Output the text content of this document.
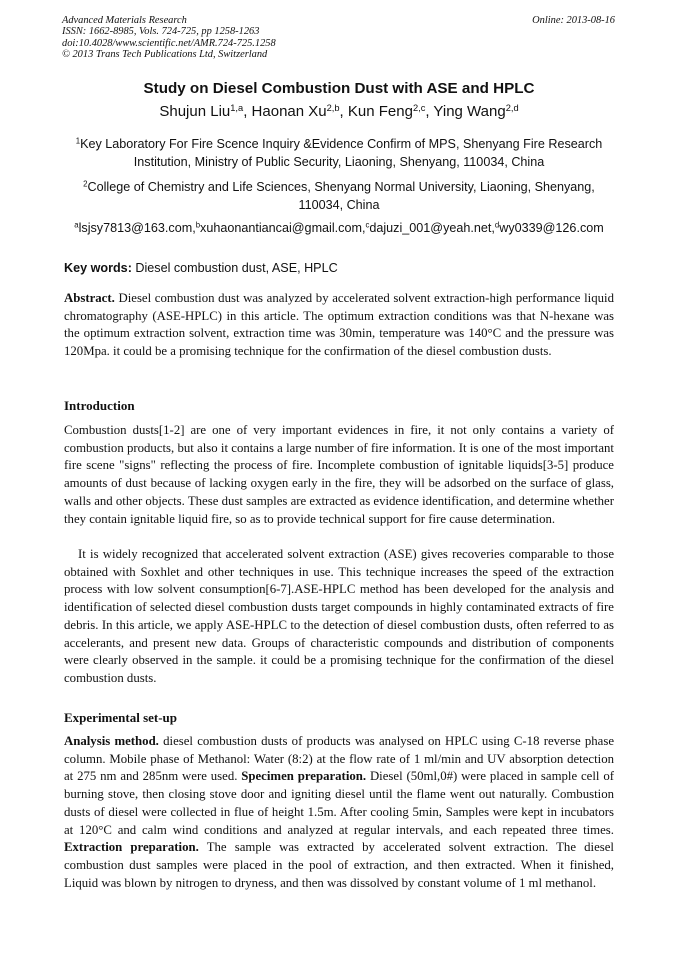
Advanced Materials Research
ISSN: 1662-8985, Vols. 724-725, pp 1258-1263
doi:10.4028/www.scientific.net/AMR.724-725.1258
© 2013 Trans Tech Publications Ltd, Switzerland
Online: 2013-08-16
Study on Diesel Combustion Dust with ASE and HPLC
Shujun Liu$^{1,a}$, Haonan Xu$^{2,b}$, Kun Feng$^{2,c}$, Ying Wang$^{2,d}$
$^1$Key Laboratory For Fire Scence Inquiry &Evidence Confirm of MPS, Shenyang Fire Research Institution, Ministry of Public Security, Liaoning, Shenyang, 110034, China
$^2$College of Chemistry and Life Sciences, Shenyang Normal University, Liaoning, Shenyang, 110034, China
$^a$lsjsy7813@163.com,$^b$xuhaonantiancai@gmail.com,$^c$dajuzi_001@yeah.net,$^d$wy0339@126.com
Key words: Diesel combustion dust, ASE, HPLC
Abstract. Diesel combustion dust was analyzed by accelerated solvent extraction-high performance liquid chromatography (ASE-HPLC) in this article. The optimum extraction conditions was that N-hexane was the optimum extraction solvent, extraction time was 30min, temperature was 140°C and the pressure was 120Mpa. it could be a promising technique for the confirmation of the diesel combustion dusts.
Introduction
Combustion dusts[1-2] are one of very important evidences in fire, it not only contains a variety of combustion products, but also it contains a large number of fire information. It is one of the most important fire scene "signs" reflecting the process of fire. Incomplete combustion of ignitable liquids[3-5] produce amounts of dust because of lacking oxygen early in the fire, they will be adsorbed on the surface of glass, walls and other objects. These dust samples are extracted as evidence identification, and determine whether they contain ignitable liquid fire, so as to provide technical support for fire cause determination.
It is widely recognized that accelerated solvent extraction (ASE) gives recoveries comparable to those obtained with Soxhlet and other techniques in use. This technique increases the speed of the extraction process with low solvent consumption[6-7].ASE-HPLC method has been developed for the analysis and identification of selected diesel combustion dusts target compounds in highly contaminated extracts of fire debris. In this article, we apply ASE-HPLC to the detection of diesel combustion dusts, often referred to as accelerants, and present new data. Groups of characteristic compounds and distribution of components were clearly observed in the sample. it could be a promising technique for the confirmation of the diesel combustion dusts.
Experimental set-up
Analysis method. diesel combustion dusts of products was analysed on HPLC using C-18 reverse phase column. Mobile phase of Methanol: Water (8:2) at the flow rate of 1 ml/min and UV absorption detection at 275 nm and 285nm were used. Specimen preparation. Diesel (50ml,0#) were placed in sample cell of burning stove, then closing stove door and igniting diesel until the flame went out naturally. Combustion dusts of diesel were collected in flue of height 1.5m. After cooling 5min, Samples were kept in incubators at 120°C and calm wind conditions and analyzed at regular intervals, and each repeated three times. Extraction preparation. The sample was extracted by accelerated solvent extraction. The diesel combustion dust samples were placed in the pool of extraction, and then extracted. When it finished, Liquid was blown by nitrogen to dryness, and then was dissolved by constant volume of 1 ml methanol.
